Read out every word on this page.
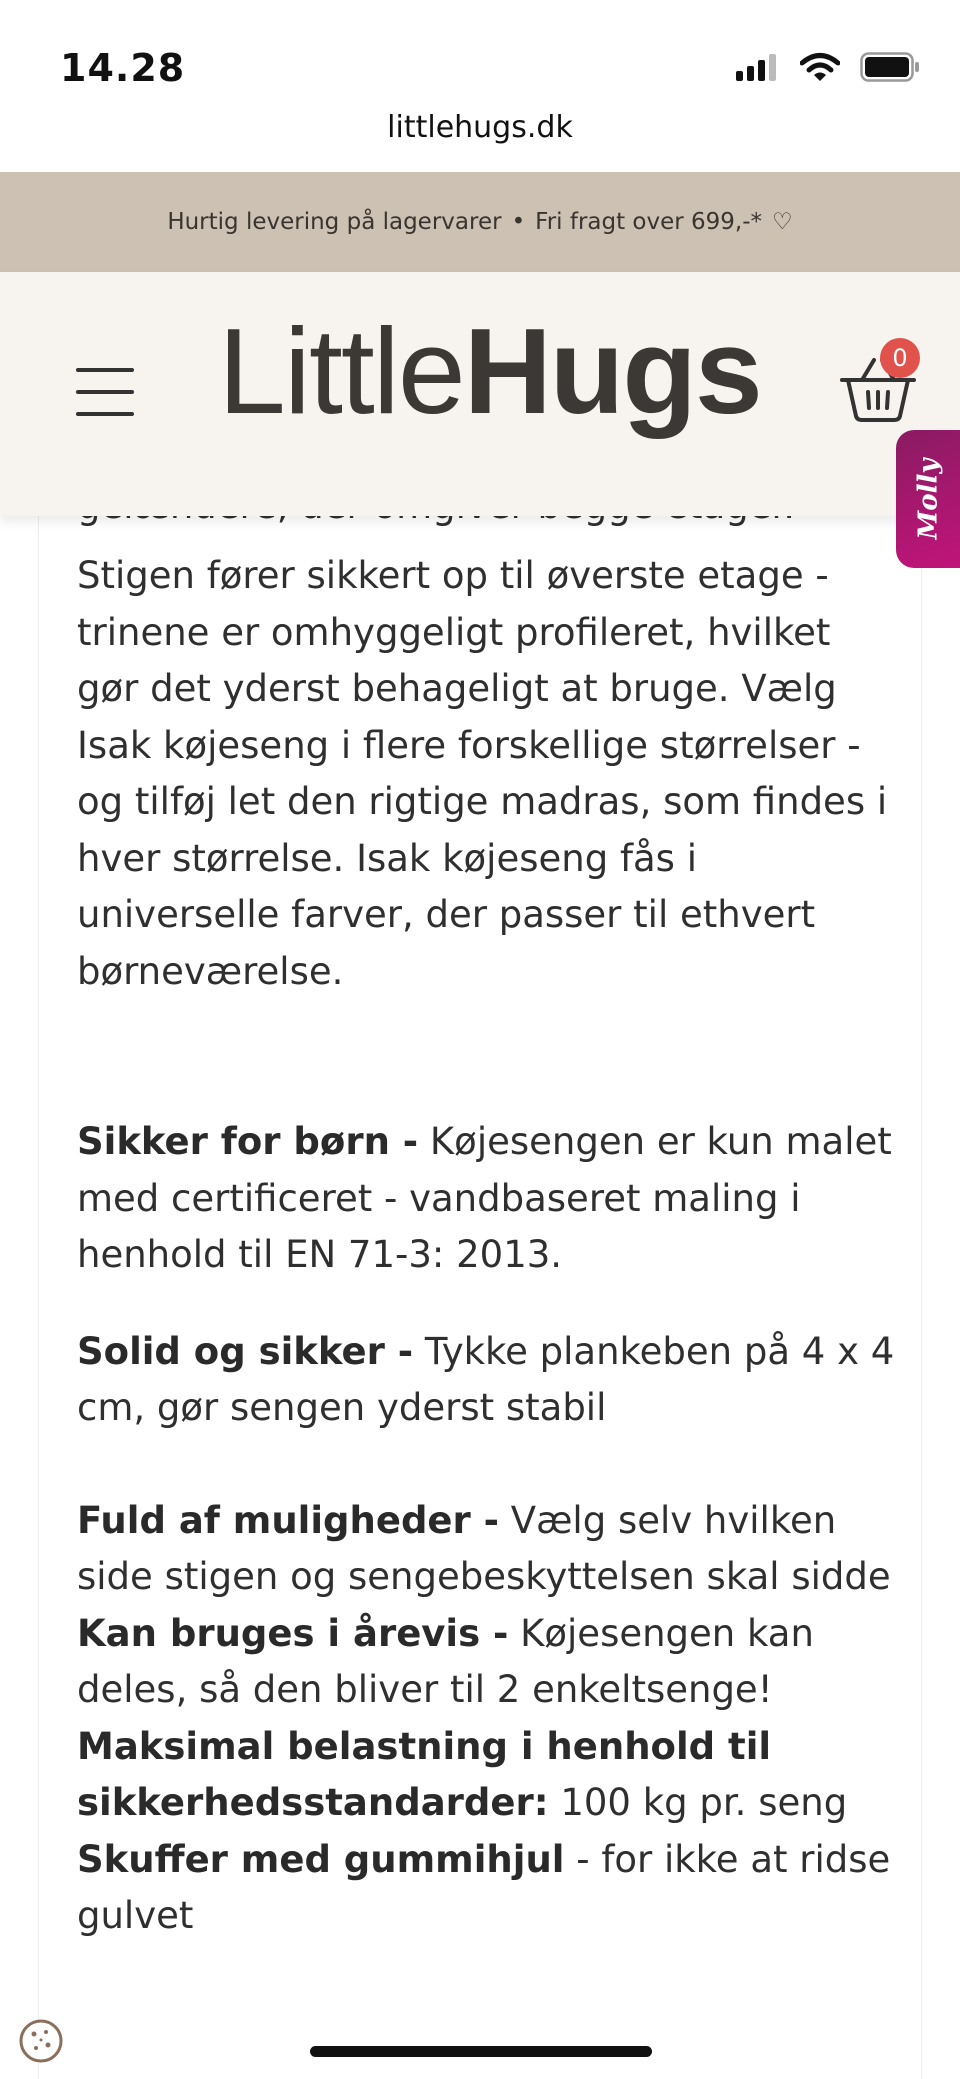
14.28
littlehugs.dk
Hurtig levering på lagervarer • Fri fragt over 699,-* ♡
LittleHugs	0
Molly

Stigen fører sikkert op til øverste etage - trinene er omhyggeligt profileret, hvilket gør det yderst behageligt at bruge. Vælg Isak køjeseng i flere forskellige størrelser - og tilføj let den rigtige madras, som findes i hver størrelse. Isak køjeseng fås i universelle farver, der passer til ethvert børneværelse.

Sikker for børn - Køjesengen er kun malet med certificeret - vandbaseret maling i henhold til EN 71-3: 2013.

Solid og sikker - Tykke plankeben på 4 x 4 cm, gør sengen yderst stabil

Fuld af muligheder - Vælg selv hvilken side stigen og sengebeskyttelsen skal sidde

Kan bruges i årevis - Køjesengen kan deles, så den bliver til 2 enkeltsenge!

Maksimal belastning i henhold til sikkerhedsstandarder: 100 kg pr. seng

Skuffer med gummihjul - for ikke at ridse gulvet
